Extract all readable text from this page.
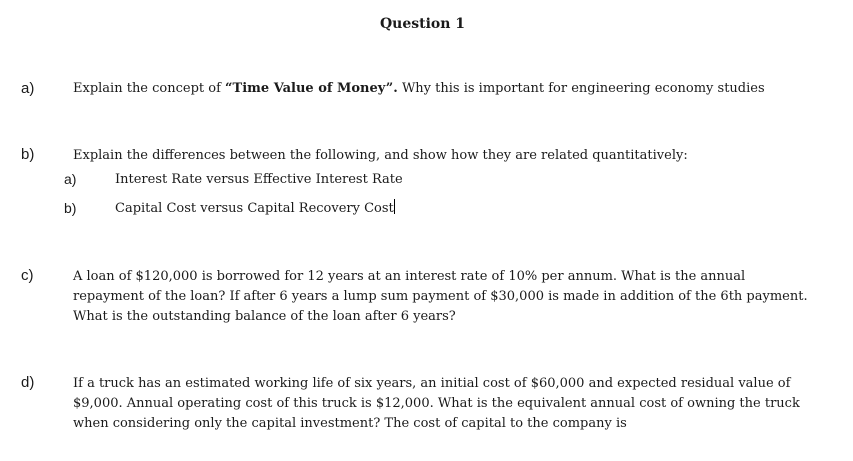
Question 1
a)	Explain the concept of “Time Value of Money”. Why this is important for engineering economy studies
b)	Explain the differences between the following, and show how they are related quantitatively:
a)	Interest Rate versus Effective Interest Rate
b)	Capital Cost versus Capital Recovery Cost
c)	A loan of $120,000 is borrowed for 12 years at an interest rate of 10% per annum. What is the annual
repayment of the loan? If after 6 years a lump sum payment of $30,000 is made in addition of the 6th payment.
What is the outstanding balance of the loan after 6 years?
d)	If a truck has an estimated working life of six years, an initial cost of $60,000 and expected residual value of
$9,000. Annual operating cost of this truck is $12,000. What is the equivalent annual cost of owning the truck
when considering only the capital investment? The cost of capital to the company is
